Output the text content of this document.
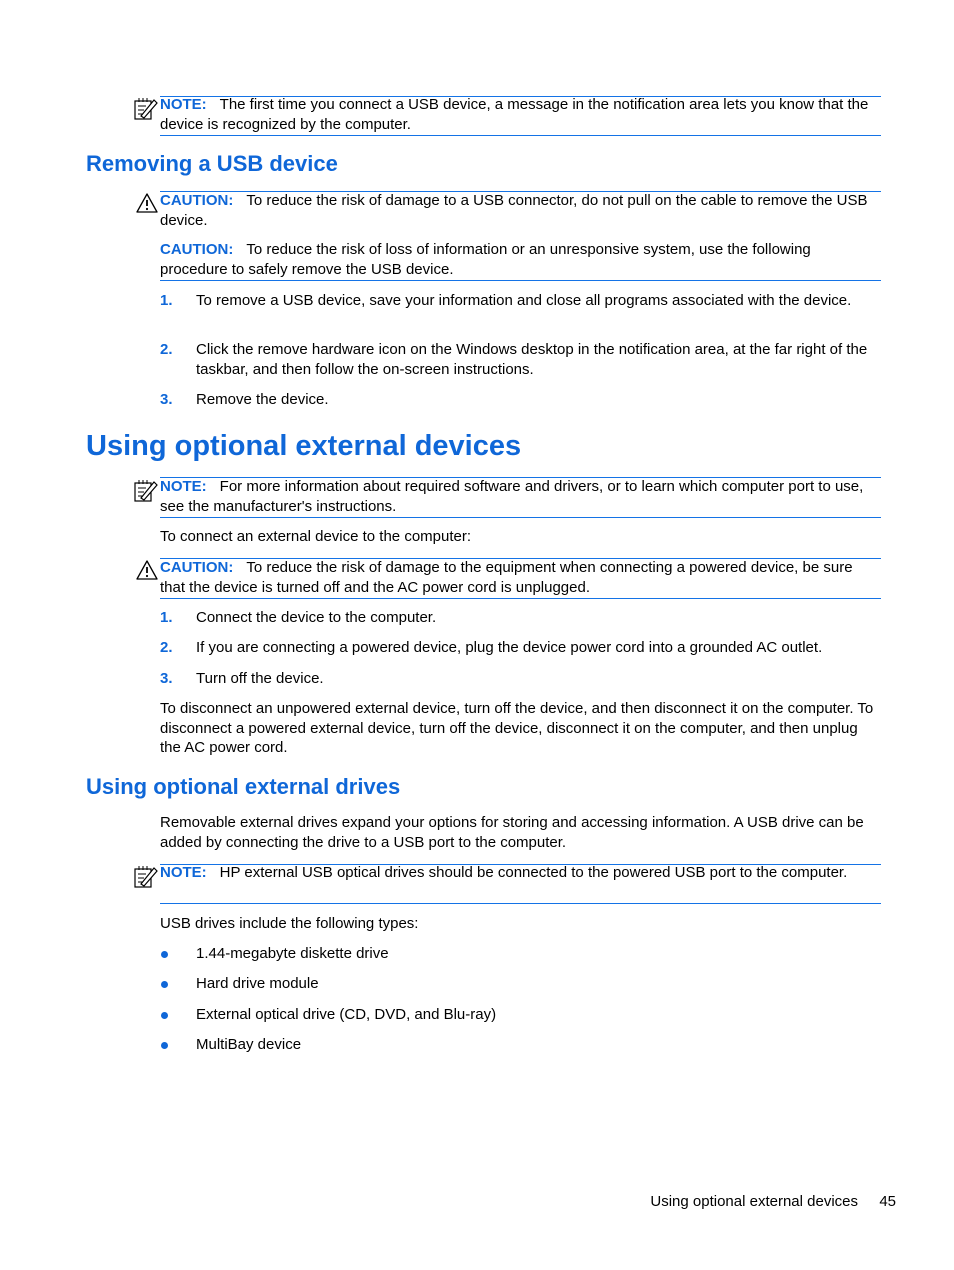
NOTE: The first time you connect a USB device, a message in the notification area lets you know that the device is recognized by the computer.

Removing a USB device

CAUTION: To reduce the risk of damage to a USB connector, do not pull on the cable to remove the USB device.

CAUTION: To reduce the risk of loss of information or an unresponsive system, use the following procedure to safely remove the USB device.

1. To remove a USB device, save your information and close all programs associated with the device.

2. Click the remove hardware icon on the Windows desktop in the notification area, at the far right of the taskbar, and then follow the on-screen instructions.

3. Remove the device.

Using optional external devices

NOTE: For more information about required software and drivers, or to learn which computer port to use, see the manufacturer's instructions.

To connect an external device to the computer:

CAUTION: To reduce the risk of damage to the equipment when connecting a powered device, be sure that the device is turned off and the AC power cord is unplugged.

1. Connect the device to the computer.

2. If you are connecting a powered device, plug the device power cord into a grounded AC outlet.

3. Turn off the device.

To disconnect an unpowered external device, turn off the device, and then disconnect it on the computer. To disconnect a powered external device, turn off the device, disconnect it on the computer, and then unplug the AC power cord.

Using optional external drives

Removable external drives expand your options for storing and accessing information. A USB drive can be added by connecting the drive to a USB port to the computer.

NOTE: HP external USB optical drives should be connected to the powered USB port to the computer.

USB drives include the following types:

1.44-megabyte diskette drive

Hard drive module

External optical drive (CD, DVD, and Blu-ray)

MultiBay device

Using optional external devices 45
